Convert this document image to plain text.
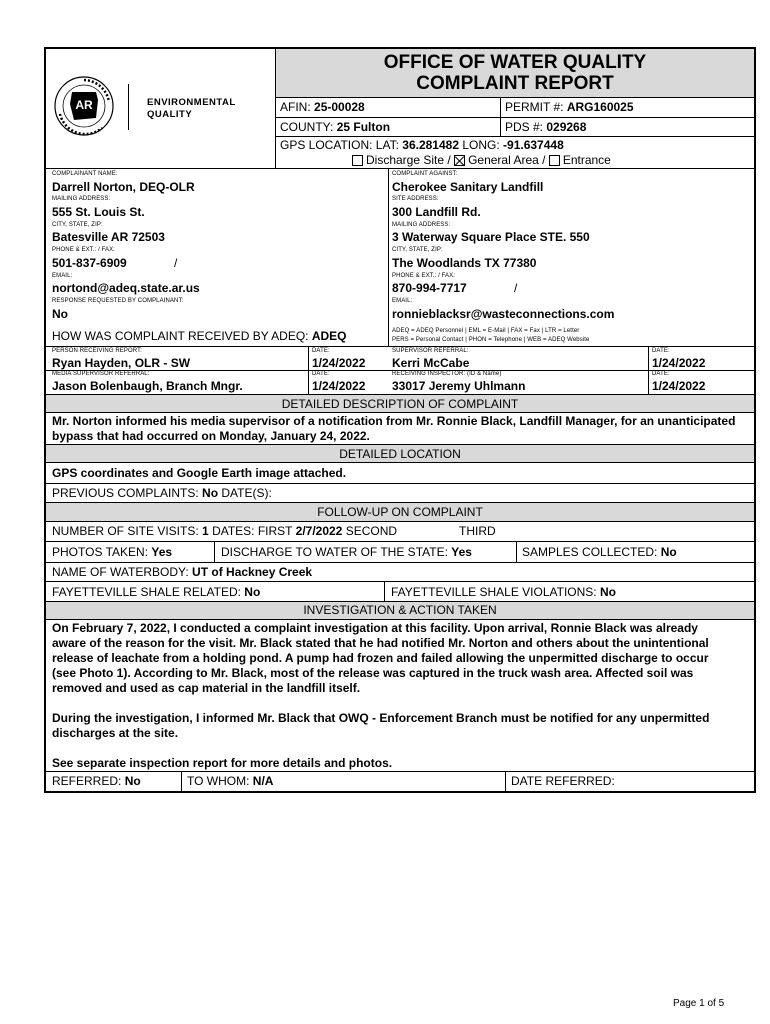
AR	ENVIRONMENTAL
QUALITY
OFFICE OF WATER QUALITY
COMPLAINT REPORT
AFIN: 25-00028	PERMIT #: ARG160025
COUNTY: 25 Fulton	PDS #: 029268
GPS LOCATION: LAT: 36.281482 LONG: -91.637448
Discharge Site / General Area / Entrance
COMPLAINANT NAME:
Darrell Norton, DEQ-OLR
MAILING ADDRESS:
555 St. Louis St.
CITY, STATE, ZIP:
Batesville AR 72503
PHONE & EXT.: / FAX:
501-837-6909	/
EMAIL:
nortond@adeq.state.ar.us
RESPONSE REQUESTED BY COMPLAINANT:
No
COMPLAINT AGAINST:
Cherokee Sanitary Landfill
SITE ADDRESS:
300 Landfill Rd.
MAILING ADDRESS:
3 Waterway Square Place STE. 550
CITY, STATE, ZIP:
The Woodlands TX 77380
PHONE & EXT.: / FAX:
870-994-7717	/
EMAIL:
ronnieblacksr@wasteconnections.com
HOW WAS COMPLAINT RECEIVED BY ADEQ: ADEQ	ADEQ = ADEQ Personnel | EML = E-Mail | FAX = Fax | LTR = Letter
PERS = Personal Contact | PHON = Telephone | WEB = ADEQ Website
PERSON RECEIVING REPORT:
Ryan Hayden, OLR - SW
DATE:
1/24/2022
SUPERVISOR REFERRAL:
Kerri McCabe
DATE:
1/24/2022
MEDIA SUPERVISOR REFERRAL:
Jason Bolenbaugh, Branch Mngr.
DATE:
1/24/2022
RECEIVING INSPECTOR: (ID & Name)
33017 Jeremy Uhlmann
DATE:
1/24/2022
DETAILED DESCRIPTION OF COMPLAINT
Mr. Norton informed his media supervisor of a notification from Mr. Ronnie Black, Landfill Manager, for an unanticipated bypass that had occurred on Monday, January 24, 2022.
DETAILED LOCATION
GPS coordinates and Google Earth image attached.
PREVIOUS COMPLAINTS: No DATE(S):
FOLLOW-UP ON COMPLAINT
NUMBER OF SITE VISITS: 1 DATES: FIRST 2/7/2022 SECOND	THIRD
PHOTOS TAKEN: Yes	DISCHARGE TO WATER OF THE STATE: Yes	SAMPLES COLLECTED: No
NAME OF WATERBODY: UT of Hackney Creek
FAYETTEVILLE SHALE RELATED: No	FAYETTEVILLE SHALE VIOLATIONS: No
INVESTIGATION & ACTION TAKEN
On February 7, 2022, I conducted a complaint investigation at this facility. Upon arrival, Ronnie Black was already aware of the reason for the visit. Mr. Black stated that he had notified Mr. Norton and others about the unintentional release of leachate from a holding pond. A pump had frozen and failed allowing the unpermitted discharge to occur (see Photo 1). According to Mr. Black, most of the release was captured in the truck wash area. Affected soil was removed and used as cap material in the landfill itself.
During the investigation, I informed Mr. Black that OWQ - Enforcement Branch must be notified for any unpermitted discharges at the site.
See separate inspection report for more details and photos.
REFERRED: No	TO WHOM: N/A	DATE REFERRED:
Page 1 of 5
